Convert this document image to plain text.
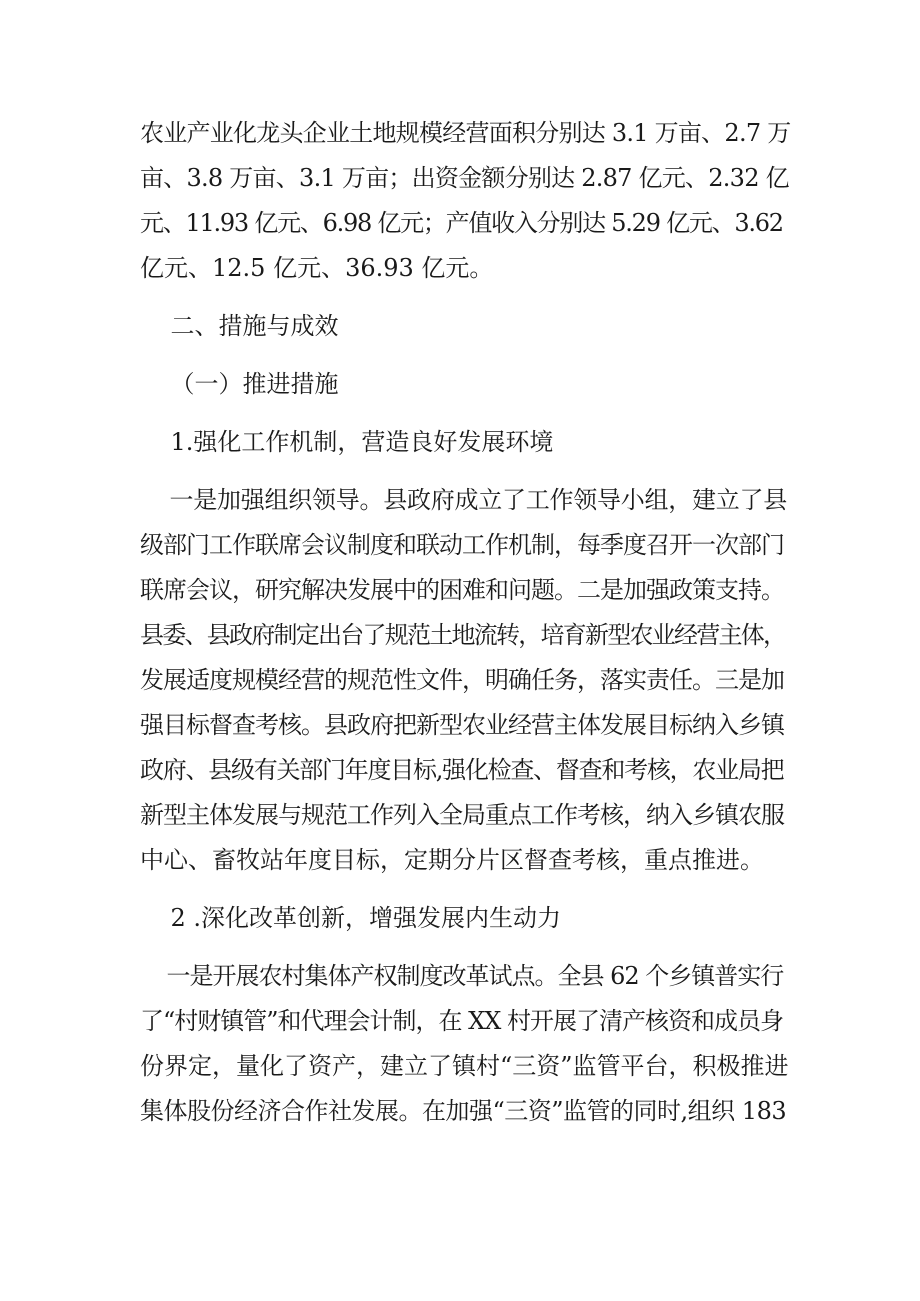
农业产业化龙头企业土地规模经营面积分别达 3.1 万亩、2.7 万
亩、3.8 万亩、3.1 万亩；出资金额分别达 2.87 亿元、2.32 亿
元、11.93 亿元、6.98 亿元；产值收入分别达 5.29 亿元、3.62
亿元、12.5 亿元、36.93 亿元。
二、措施与成效
（一）推进措施
1.强化工作机制，营造良好发展环境
一是加强组织领导。县政府成立了工作领导小组，建立了县
级部门工作联席会议制度和联动工作机制，每季度召开一次部门
联席会议，研究解决发展中的困难和问题。二是加强政策支持。
县委、县政府制定出台了规范土地流转，培育新型农业经营主体，
发展适度规模经营的规范性文件，明确任务，落实责任。三是加
强目标督查考核。县政府把新型农业经营主体发展目标纳入乡镇
政府、县级有关部门年度目标,强化检查、督查和考核，农业局把
新型主体发展与规范工作列入全局重点工作考核，纳入乡镇农服
中心、畜牧站年度目标，定期分片区督查考核，重点推进。
2 .深化改革创新，增强发展内生动力
一是开展农村集体产权制度改革试点。全县 62 个乡镇普实行
了“村财镇管”和代理会计制，在 XX 村开展了清产核资和成员身
份界定，量化了资产，建立了镇村“三资”监管平台，积极推进
集体股份经济合作社发展。在加强“三资”监管的同时,组织 183
